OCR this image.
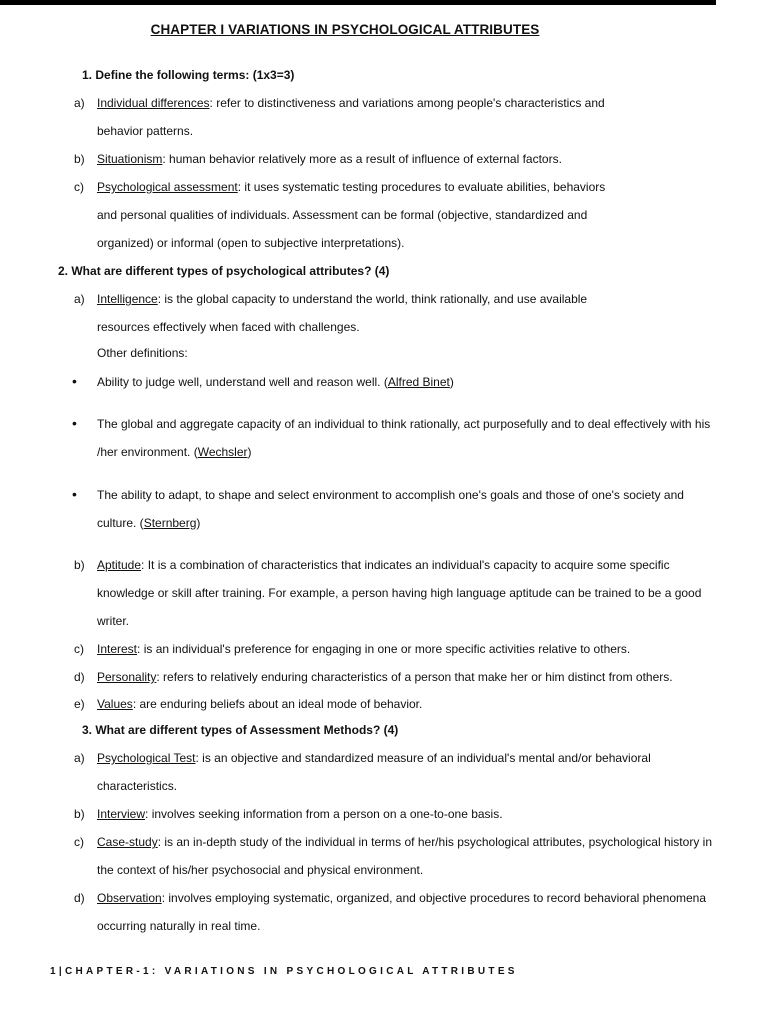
CHAPTER I VARIATIONS IN PSYCHOLOGICAL ATTRIBUTES
1. Define the following terms: (1x3=3)
a) Individual differences: refer to distinctiveness and variations among people's characteristics and
behavior patterns.
b) Situationism: human behavior relatively more as a result of influence of external factors.
c) Psychological assessment: it uses systematic testing procedures to evaluate abilities, behaviors
and personal qualities of individuals. Assessment can be formal (objective, standardized and
organized) or informal (open to subjective interpretations).
2. What are different types of psychological attributes? (4)
a) Intelligence: is the global capacity to understand the world, think rationally, and use available
resources effectively when faced with challenges.
Other definitions:
• Ability to judge well, understand well and reason well. (Alfred Binet)
• The global and aggregate capacity of an individual to think rationally, act purposefully and to deal effectively with his
/her environment. (Wechsler)
• The ability to adapt, to shape and select environment to accomplish one's goals and those of one's society and
culture. (Sternberg)
b) Aptitude: It is a combination of characteristics that indicates an individual's capacity to acquire some specific
knowledge or skill after training. For example, a person having high language aptitude can be trained to be a good
writer.
c) Interest: is an individual's preference for engaging in one or more specific activities relative to others.
d) Personality: refers to relatively enduring characteristics of a person that make her or him distinct from others.
e) Values: are enduring beliefs about an ideal mode of behavior.
3. What are different types of Assessment Methods? (4)
a) Psychological Test: is an objective and standardized measure of an individual's mental and/or behavioral
characteristics.
b) Interview: involves seeking information from a person on a one-to-one basis.
c) Case-study: is an in-depth study of the individual in terms of her/his psychological attributes, psychological history in
the context of his/her psychosocial and physical environment.
d) Observation: involves employing systematic, organized, and objective procedures to record behavioral phenomena
occurring naturally in real time.
1|CHAPTER-1: VARIATIONS IN PSYCHOLOGICAL ATTRIBUTES
